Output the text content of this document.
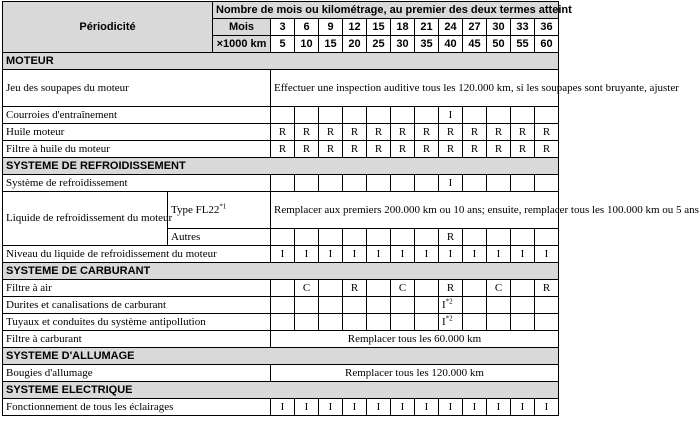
Périodicité		Nombre de mois ou kilométrage, au premier des deux termes atteint												
		Mois	3	6	9	12	15	18	21	24	27	30	33	36
		×1000 km	5	10	15	20	25	30	35	40	45	50	55	60
MOTEUR														
Jeu des soupapes du moteur			Effectuer une inspection auditive tous les 120.000 km, si les soupapes sont bruyante, ajuster											
Courroies d'entraînement										I				
Huile moteur			R	R	R	R	R	R	R	R	R	R	R	R
Filtre à huile du moteur			R	R	R	R	R	R	R	R	R	R	R	R
SYSTEME DE REFROIDISSEMENT														
Système de refroidissement										I				
Liquide de refroidissement du moteur	Type FL22$^{*1}$		Remplacer aux premiers 200.000 km ou 10 ans; ensuite, remplacer tous les 100.000 km ou 5 ans											
	Autres									R				
Niveau du liquide de refroidissement du moteur			I	I	I	I	I	I	I	I	I	I	I	I
SYSTEME DE CARBURANT														
Filtre à air				C		R		C		R		C		R
Durites et canalisations de carburant										$I^{*2}$				
Tuyaux et conduites du système antipollution										$I^{*2}$				
Filtre à carburant			Remplacer tous les 60.000 km											
SYSTEME D'ALLUMAGE														
Bougies d'allumage			Remplacer tous les 120.000 km											
SYSTEME ELECTRIQUE														
Fonctionnement de tous les éclairages			I	I	I	I	I	I	I	I	I	I	I	I
